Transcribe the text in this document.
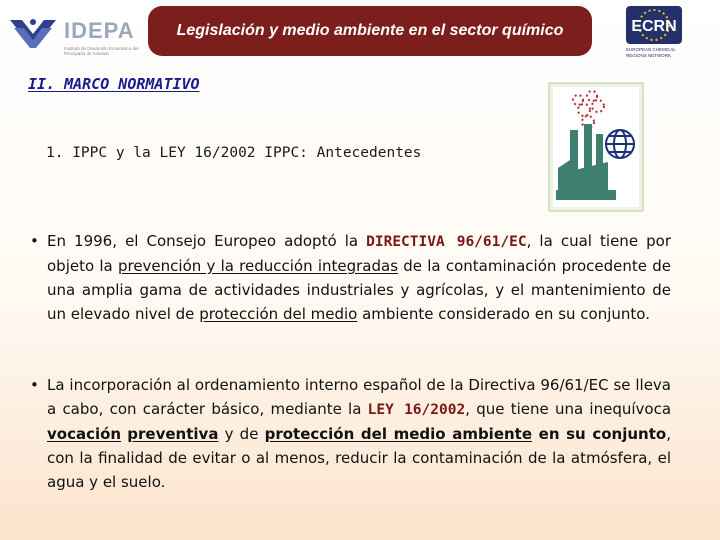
IDEPA
Instituto de Desarrollo Económico del Principado de Asturias
Legislación y medio ambiente en el sector químico	ECRN
EUROPEAN CHEMICAL REGIONS NETWORK
II. MARCO NORMATIVO
1. IPPC y la LEY 16/2002 IPPC: Antecedentes
• En 1996, el Consejo Europeo adoptó la DIRECTIVA 96/61/EC, la cual tiene por objeto la prevención y la reducción integradas de la contaminación procedente de una amplia gama de actividades industriales y agrícolas, y el mantenimiento de un elevado nivel de protección del medio ambiente considerado en su conjunto.
• La incorporación al ordenamiento interno español de la Directiva 96/61/EC se lleva a cabo, con carácter básico, mediante la LEY 16/2002, que tiene una inequívoca vocación preventiva y de protección del medio ambiente en su conjunto, con la finalidad de evitar o al menos, reducir la contaminación de la atmósfera, el agua y el suelo.
